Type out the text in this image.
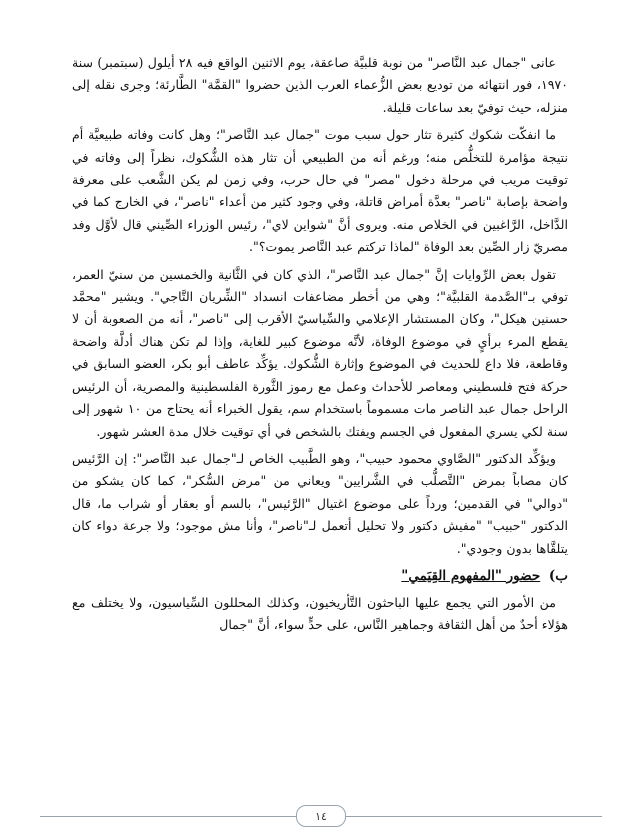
عانى "جمال عبد النَّاصر" من نوبة قلبيَّة صاعقة، يوم الاثنين الواقع فيه ٢٨ أيلول (سبتمبر) سنة ١٩٧٠، فور انتهائه من توديع بعض الزُّعماء العرب الذين حضروا "القمَّة" الطَّارئة؛ وجرى نقله إلى منزله، حيث توفيّ بعد ساعات قليلة.

ما انفكّت شكوك كثيرة تثار حول سبب موت "جمال عبد النَّاصر"؛ وهل كانت وفاته طبيعيَّة أم نتيجة مؤامرة للتخلُّص منه؛ ورغم أنه من الطبيعي أن تثار هذه الشُّكوك، نظراً إلى وفاته في توقيت مريب في مرحلة دخول "مصر" في حال حرب، وفي زمن لم يكن الشَّعب على معرفة واضحة بإصابة "ناصر" بعدَّة أمراض قاتلة، وفي وجود كثير من أعداء "ناصر"، في الخارج كما في الدَّاخل، الرَّاغبين في الخلاص منه. ويروى أنَّ "شواين لاي"، رئيس الوزراء الصِّيني قال لأوَّل وفد مصريّ زار الصِّين بعد الوفاة "لماذا تركتم عبد النَّاصر يموت؟".

تقول بعض الرِّوايات إنَّ "جمال عبد النَّاصر"، الذي كان في الثَّانية والخمسين من سنيّ العمر، توفي بـ"الصَّدمة القلبيَّة"؛ وهي من أخطر مضاعفات انسداد "الشِّريان التَّاجي". ويشير "محمَّد حسنين هيكل"، وكان المستشار الإعلامي والسِّياسيّ الأقرب إلى "ناصر"، أنه من الصعوبة أن لا يقطع المرء برأيٍ في موضوع الوفاة، لأنَّه موضوع كبير للغاية، وإذا لم تكن هناك أدلَّة واضحة وقاطعة، فلا داع للحديث في الموضوع وإثارة الشُّكوك. يؤكِّد عاطف أبو بكر، العضو السابق في حركة فتح فلسطيني ومعاصر للأحداث وعمل مع رموز الثَّورة الفلسطينية والمصرية، أن الرئيس الراحل جمال عبد الناصر مات مسموماً باستخدام سم، يقول الخبراء أنه يحتاج من ١٠ شهور إلى سنة لكي يسري المفعول في الجسم ويفتك بالشخص في أي توقيت خلال مدة العشر شهور.

ويؤكِّد الدكتور "الصَّاوي محمود حبيب"، وهو الطَّبيب الخاص لـ"جمال عبد النَّاصر": إن الرَّئيس كان مصاباً بمرض "التَّصلُّب في الشَّرايين" ويعاني من "مرض السُّكر"، كما كان يشكو من "دوالي" في القدمين؛ ورداً على موضوع اغتيال "الرَّئيس"، بالسم أو بعقار أو شراب ما، قال الدكتور "حبيب" "مفيش دكتور ولا تحليل أتعمل لـ"ناصر"، وأنا مش موجود؛ ولا جرعة دواء كان يتلقَّاها بدون وجودي".

ب) حضور "المفهوم القِيَمي"

من الأمور التي يجمع عليها الباحثون التَّأريخيون، وكذلك المحللون السِّياسيون، ولا يختلف مع هؤلاء أحدٌ من أهل الثقافة وجماهير النَّاس، على حدٍّ سواء، أنَّ "جمال

١٤
